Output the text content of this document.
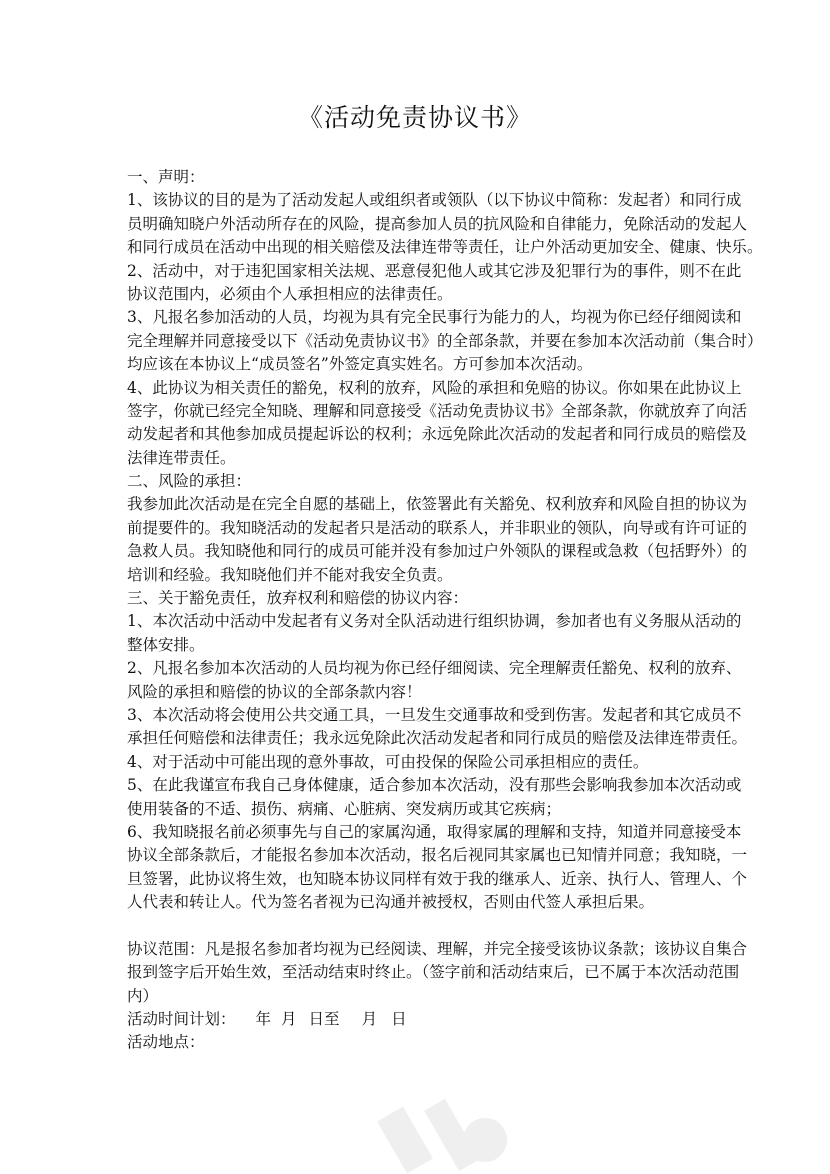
《活动免责协议书》
一、声明：
1、该协议的目的是为了活动发起人或组织者或领队（以下协议中简称：发起者）和同行成
员明确知晓户外活动所存在的风险，提高参加人员的抗风险和自律能力，免除活动的发起人
和同行成员在活动中出现的相关赔偿及法律连带等责任，让户外活动更加安全、健康、快乐。
2、活动中，对于违犯国家相关法规、恶意侵犯他人或其它涉及犯罪行为的事件，则不在此
协议范围内，必须由个人承担相应的法律责任。
3、凡报名参加活动的人员，均视为具有完全民事行为能力的人，均视为你已经仔细阅读和
完全理解并同意接受以下《活动免责协议书》的全部条款，并要在参加本次活动前（集合时）
均应该在本协议上“成员签名”外签定真实姓名。方可参加本次活动。
4、此协议为相关责任的豁免，权利的放弃，风险的承担和免赔的协议。你如果在此协议上
签字，你就已经完全知晓、理解和同意接受《活动免责协议书》全部条款，你就放弃了向活
动发起者和其他参加成员提起诉讼的权利；永远免除此次活动的发起者和同行成员的赔偿及
法律连带责任。
二、风险的承担：
我参加此次活动是在完全自愿的基础上，依签署此有关豁免、权利放弃和风险自担的协议为
前提要件的。我知晓活动的发起者只是活动的联系人，并非职业的领队，向导或有许可证的
急救人员。我知晓他和同行的成员可能并没有参加过户外领队的课程或急救（包括野外）的
培训和经验。我知晓他们并不能对我安全负责。
三、关于豁免责任，放弃权利和赔偿的协议内容：
1、本次活动中活动中发起者有义务对全队活动进行组织协调，参加者也有义务服从活动的
整体安排。
2、凡报名参加本次活动的人员均视为你已经仔细阅读、完全理解责任豁免、权利的放弃、
风险的承担和赔偿的协议的全部条款内容！
3、本次活动将会使用公共交通工具，一旦发生交通事故和受到伤害。发起者和其它成员不
承担任何赔偿和法律责任；我永远免除此次活动发起者和同行成员的赔偿及法律连带责任。
4、对于活动中可能出现的意外事故，可由投保的保险公司承担相应的责任。
5、在此我谨宣布我自己身体健康，适合参加本次活动，没有那些会影响我参加本次活动或
使用装备的不适、损伤、病痛、心脏病、突发病历或其它疾病；
6、我知晓报名前必须事先与自己的家属沟通，取得家属的理解和支持，知道并同意接受本
协议全部条款后，才能报名参加本次活动，报名后视同其家属也已知情并同意；我知晓，一
旦签署，此协议将生效，也知晓本协议同样有效于我的继承人、近亲、执行人、管理人、个
人代表和转让人。代为签名者视为已沟通并被授权，否则由代签人承担后果。
协议范围：凡是报名参加者均视为已经阅读、理解，并完全接受该协议条款；该协议自集合
报到签字后开始生效，至活动结束时终止。（签字前和活动结束后，已不属于本次活动范围
内）
活动时间计划： 年 月 日至 月 日
活动地点：
